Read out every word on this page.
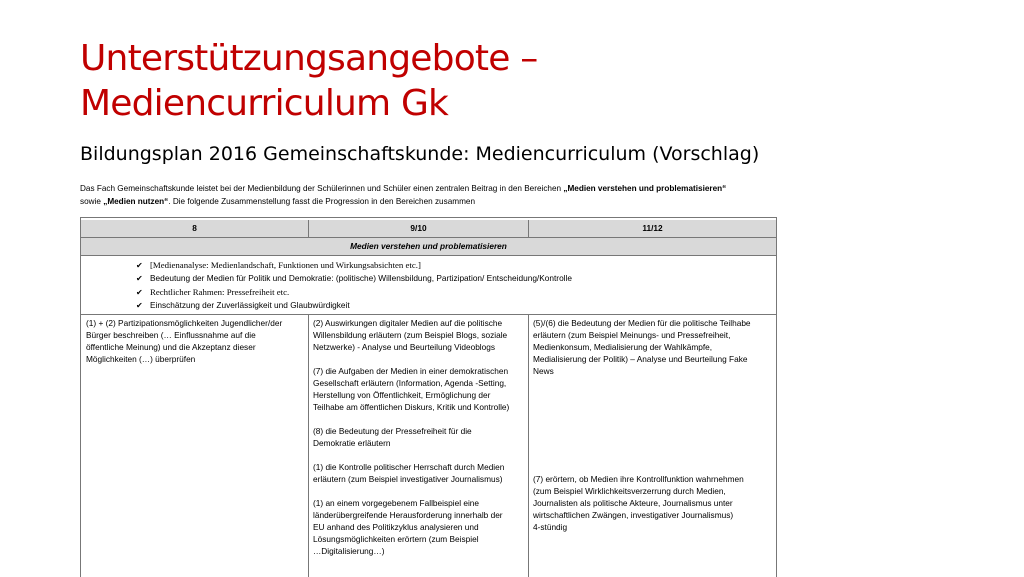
Unterstützungsangebote –
Mediencurriculum Gk
Bildungsplan 2016 Gemeinschaftskunde: Mediencurriculum (Vorschlag)
Das Fach Gemeinschaftskunde leistet bei der Medienbildung der Schülerinnen und Schüler einen zentralen Beitrag in den Bereichen „Medien verstehen und problematisieren“
sowie „Medien nutzen“. Die folgende Zusammenstellung fasst die Progression in den Bereichen zusammen
8	9/10	11/12
Medien verstehen und problematisieren
✔ [Medienanalyse: Medienlandschaft, Funktionen und Wirkungsabsichten etc.]
✔ Bedeutung der Medien für Politik und Demokratie: (politische) Willensbildung, Partizipation/ Entscheidung/Kontrolle
✔ Rechtlicher Rahmen: Pressefreiheit etc.
✔ Einschätzung der Zuverlässigkeit und Glaubwürdigkeit
(1) + (2) Partizipationsmöglichkeiten Jugendlicher/der
Bürger beschreiben (… Einflussnahme auf die
öffentliche Meinung) und die Akzeptanz dieser
Möglichkeiten (…) überprüfen
(2) Auswirkungen digitaler Medien auf die politische
Willensbildung erläutern (zum Beispiel Blogs, soziale
Netzwerke) - Analyse und Beurteilung Videoblogs
(7) die Aufgaben der Medien in einer demokratischen
Gesellschaft erläutern (Information, Agenda -Setting,
Herstellung von Öffentlichkeit, Ermöglichung der
Teilhabe am öffentlichen Diskurs, Kritik und Kontrolle)
(8) die Bedeutung der Pressefreiheit für die
Demokratie erläutern
(1) die Kontrolle politischer Herrschaft durch Medien
erläutern (zum Beispiel investigativer Journalismus)
(1) an einem vorgegebenem Fallbeispiel eine
länderübergreifende Herausforderung innerhalb der
EU anhand des Politikzyklus analysieren und
Lösungsmöglichkeiten erörtern (zum Beispiel
…Digitalisierung…)
(5)/(6) die Bedeutung der Medien für die politische Teilhabe
erläutern (zum Beispiel Meinungs- und Pressefreiheit,
Medienkonsum, Medialisierung der Wahlkämpfe,
Medialisierung der Politik) – Analyse und Beurteilung Fake
News
(7) erörtern, ob Medien ihre Kontrollfunktion wahrnehmen
(zum Beispiel Wirklichkeitsverzerrung durch Medien,
Journalisten als politische Akteure, Journalismus unter
wirtschaftlichen Zwängen, investigativer Journalismus)
4-stündig
